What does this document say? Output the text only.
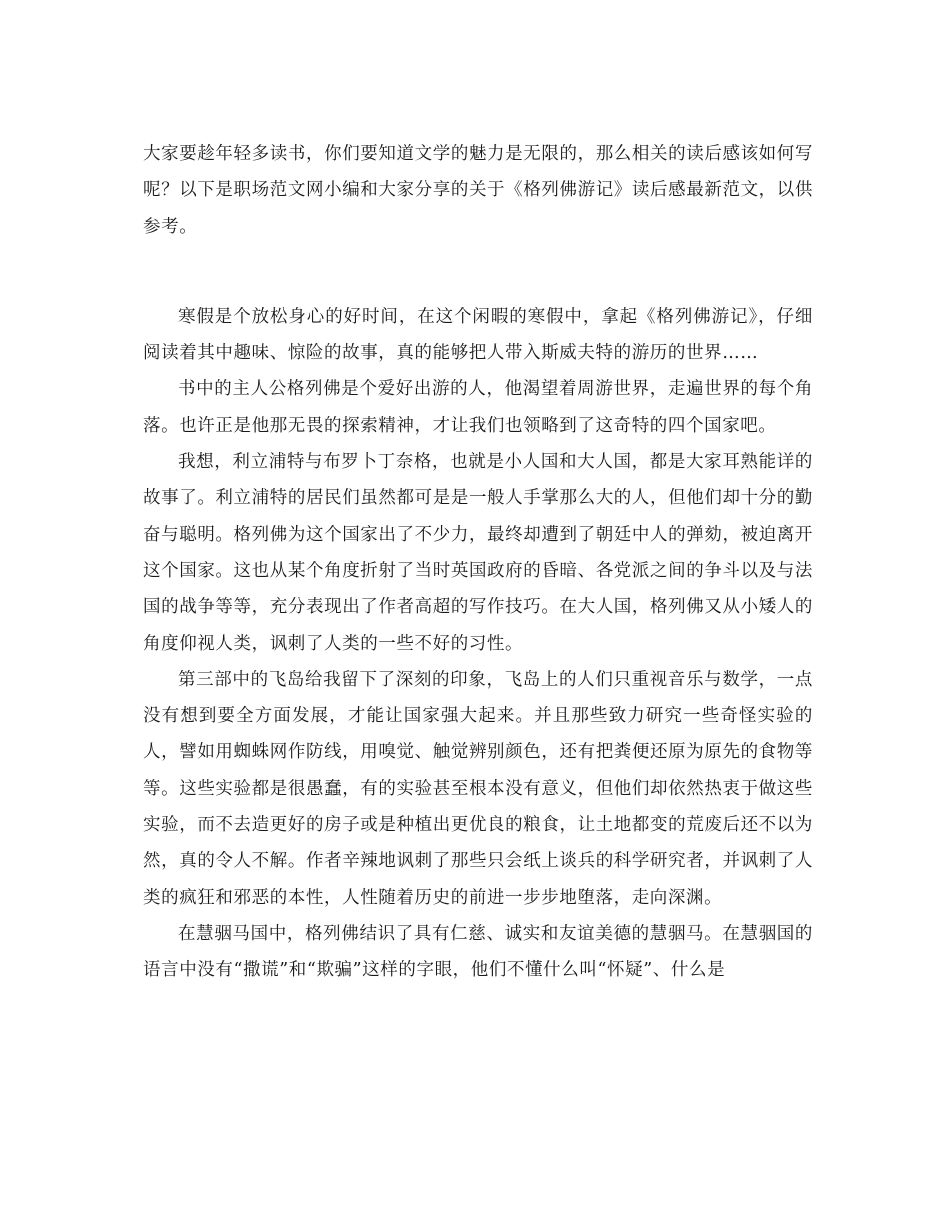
大家要趁年轻多读书，你们要知道文学的魅力是无限的，那么相关的读后感该如何写呢？以下是职场范文网小编和大家分享的关于《格列佛游记》读后感最新范文，以供参考。

寒假是个放松身心的好时间，在这个闲暇的寒假中，拿起《格列佛游记》，仔细阅读着其中趣味、惊险的故事，真的能够把人带入斯威夫特的游历的世界……

书中的主人公格列佛是个爱好出游的人，他渴望着周游世界，走遍世界的每个角落。也许正是他那无畏的探索精神，才让我们也领略到了这奇特的四个国家吧。

我想，利立浦特与布罗卜丁奈格，也就是小人国和大人国，都是大家耳熟能详的故事了。利立浦特的居民们虽然都可是是一般人手掌那么大的人，但他们却十分的勤奋与聪明。格列佛为这个国家出了不少力，最终却遭到了朝廷中人的弹劾，被迫离开这个国家。这也从某个角度折射了当时英国政府的昏暗、各党派之间的争斗以及与法国的战争等等，充分表现出了作者高超的写作技巧。在大人国，格列佛又从小矮人的角度仰视人类，讽刺了人类的一些不好的习性。

第三部中的飞岛给我留下了深刻的印象，飞岛上的人们只重视音乐与数学，一点没有想到要全方面发展，才能让国家强大起来。并且那些致力研究一些奇怪实验的人，譬如用蜘蛛网作防线，用嗅觉、触觉辨别颜色，还有把粪便还原为原先的食物等等。这些实验都是很愚蠢，有的实验甚至根本没有意义，但他们却依然热衷于做这些实验，而不去造更好的房子或是种植出更优良的粮食，让土地都变的荒废后还不以为然，真的令人不解。作者辛辣地讽刺了那些只会纸上谈兵的科学研究者，并讽刺了人类的疯狂和邪恶的本性，人性随着历史的前进一步步地堕落，走向深渊。

在慧骃马国中，格列佛结识了具有仁慈、诚实和友谊美德的慧骃马。在慧骃国的语言中没有“撒谎”和“欺骗”这样的字眼，他们不懂什么叫“怀疑”、什么是
